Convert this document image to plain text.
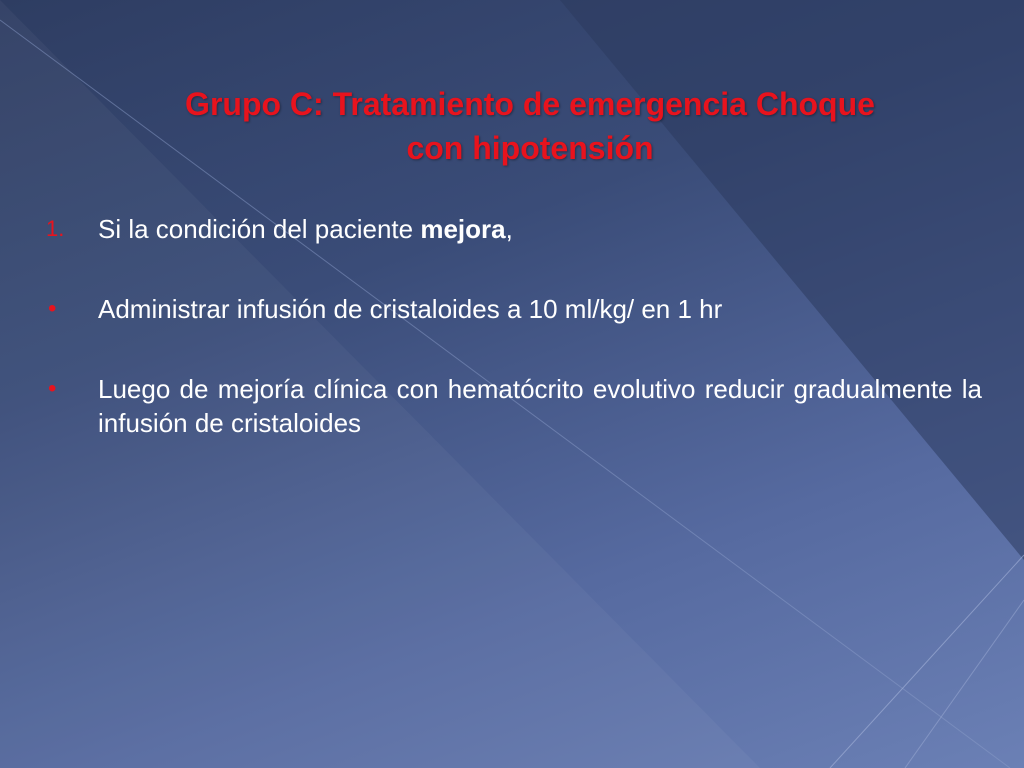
Grupo C: Tratamiento de emergencia Choque
con hipotensión
1. Si la condición del paciente mejora,
• Administrar infusión de cristaloides a 10 ml/kg/ en 1 hr
• Luego de mejoría clínica con hematócrito evolutivo reducir gradualmente la infusión de cristaloides
